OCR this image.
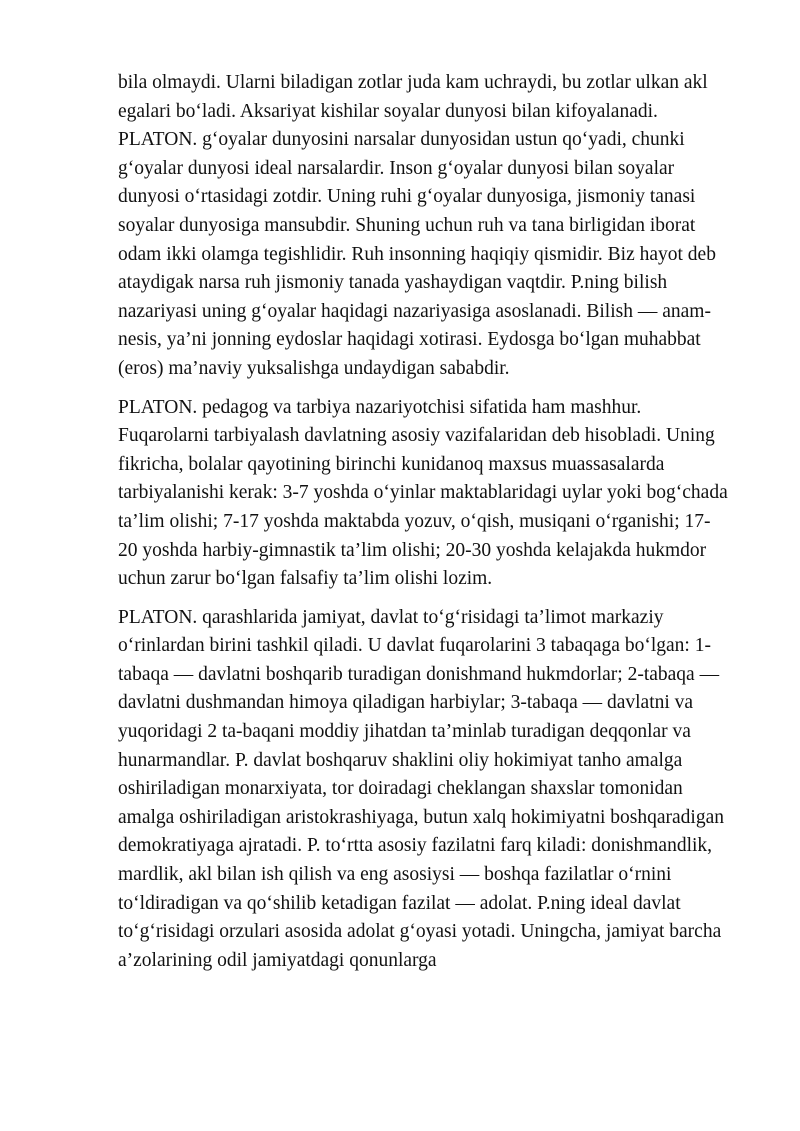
bila olmaydi. Ularni biladigan zotlar juda kam uchraydi, bu zotlar ulkan akl egalari bo‘ladi. Aksariyat kishilar soyalar dunyosi bilan kifoyalanadi. PLATON. g‘oyalar dunyosini narsalar dunyosidan ustun qo‘yadi, chunki g‘oyalar dunyosi ideal narsalardir. Inson g‘oyalar dunyosi bilan soyalar dunyosi o‘rtasidagi zotdir. Uning ruhi g‘oyalar dunyosiga, jismoniy tanasi soyalar dunyosiga mansubdir. Shuning uchun ruh va tana birligidan iborat odam ikki olamga tegishlidir. Ruh insonning haqiqiy qismidir. Biz hayot deb ataydigak narsa ruh jismoniy tanada yashaydigan vaqtdir. P.ning bilish nazariyasi uning g‘oyalar haqidagi nazariyasiga asoslanadi. Bilish — anam-nesis, ya’ni jonning eydoslar haqidagi xotirasi. Eydosga bo‘lgan muhabbat (eros) ma’naviy yuksalishga undaydigan sababdir.

PLATON. pedagog va tarbiya nazariyotchisi sifatida ham mashhur. Fuqarolarni tarbiyalash davlatning asosiy vazifalaridan deb hisobladi. Uning fikricha, bolalar qayotining birinchi kunidanoq maxsus muassasalarda tarbiyalanishi kerak: 3-7 yoshda o‘yinlar maktablaridagi uylar yoki bog‘chada ta’lim olishi; 7-17 yoshda maktabda yozuv, o‘qish, musiqani o‘rganishi; 17-20 yoshda harbiy-gimnastik ta’lim olishi; 20-30 yoshda kelajakda hukmdor uchun zarur bo‘lgan falsafiy ta’lim olishi lozim.

PLATON. qarashlarida jamiyat, davlat to‘g‘risidagi ta’limot markaziy o‘rinlardan birini tashkil qiladi. U davlat fuqarolarini 3 tabaqaga bo‘lgan: 1-tabaqa — davlatni boshqarib turadigan donishmand hukmdorlar; 2-tabaqa — davlatni dushmandan himoya qiladigan harbiylar; 3-tabaqa — davlatni va yuqoridagi 2 ta-baqani moddiy jihatdan ta’minlab turadigan deqqonlar va hunarmandlar. P. davlat boshqaruv shaklini oliy hokimiyat tanho amalga oshiriladigan monarxiyata, tor doiradagi cheklangan shaxslar tomonidan amalga oshiriladigan aristokrashiyaga, butun xalq hokimiyatni boshqaradigan demokratiyaga ajratadi. P. to‘rtta asosiy fazilatni farq kiladi: donishmandlik, mardlik, akl bilan ish qilish va eng asosiysi — boshqa fazilatlar o‘rnini to‘ldiradigan va qo‘shilib ketadigan fazilat — adolat. P.ning ideal davlat to‘g‘risidagi orzulari asosida adolat g‘oyasi yotadi. Uningcha, jamiyat barcha a’zolarining odil jamiyatdagi qonunlarga
